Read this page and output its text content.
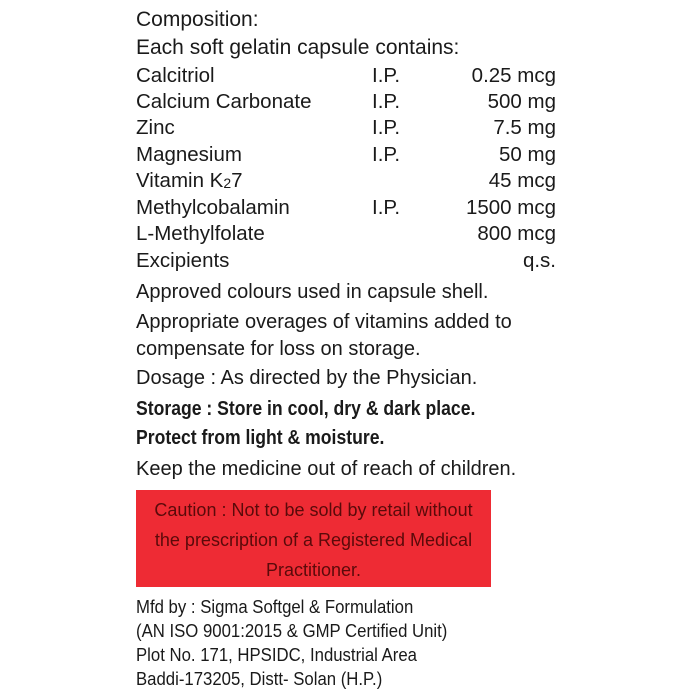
Composition:
Each soft gelatin capsule contains:
Calcitriol	I.P.	0.25 mcg
Calcium Carbonate	I.P.	500 mg
Zinc	I.P.	7.5 mg
Magnesium	I.P.	50 mg
Vitamin $K_27$	45 mcg
Methylcobalamin	I.P.	1500 mcg
L-Methylfolate	800 mcg
Excipients	q.s.
Approved colours used in capsule shell.
Appropriate overages of vitamins added to
compensate for loss on storage.
Dosage : As directed by the Physician.
Storage : Store in cool, dry & dark place.
Protect from light & moisture.
Keep the medicine out of reach of children.
Caution : Not to be sold by retail without
the prescription of a Registered Medical
Practitioner.
Mfd by : Sigma Softgel & Formulation
(AN ISO 9001:2015 & GMP Certified Unit)
Plot No. 171, HPSIDC, Industrial Area
Baddi-173205, Distt- Solan (H.P.)
